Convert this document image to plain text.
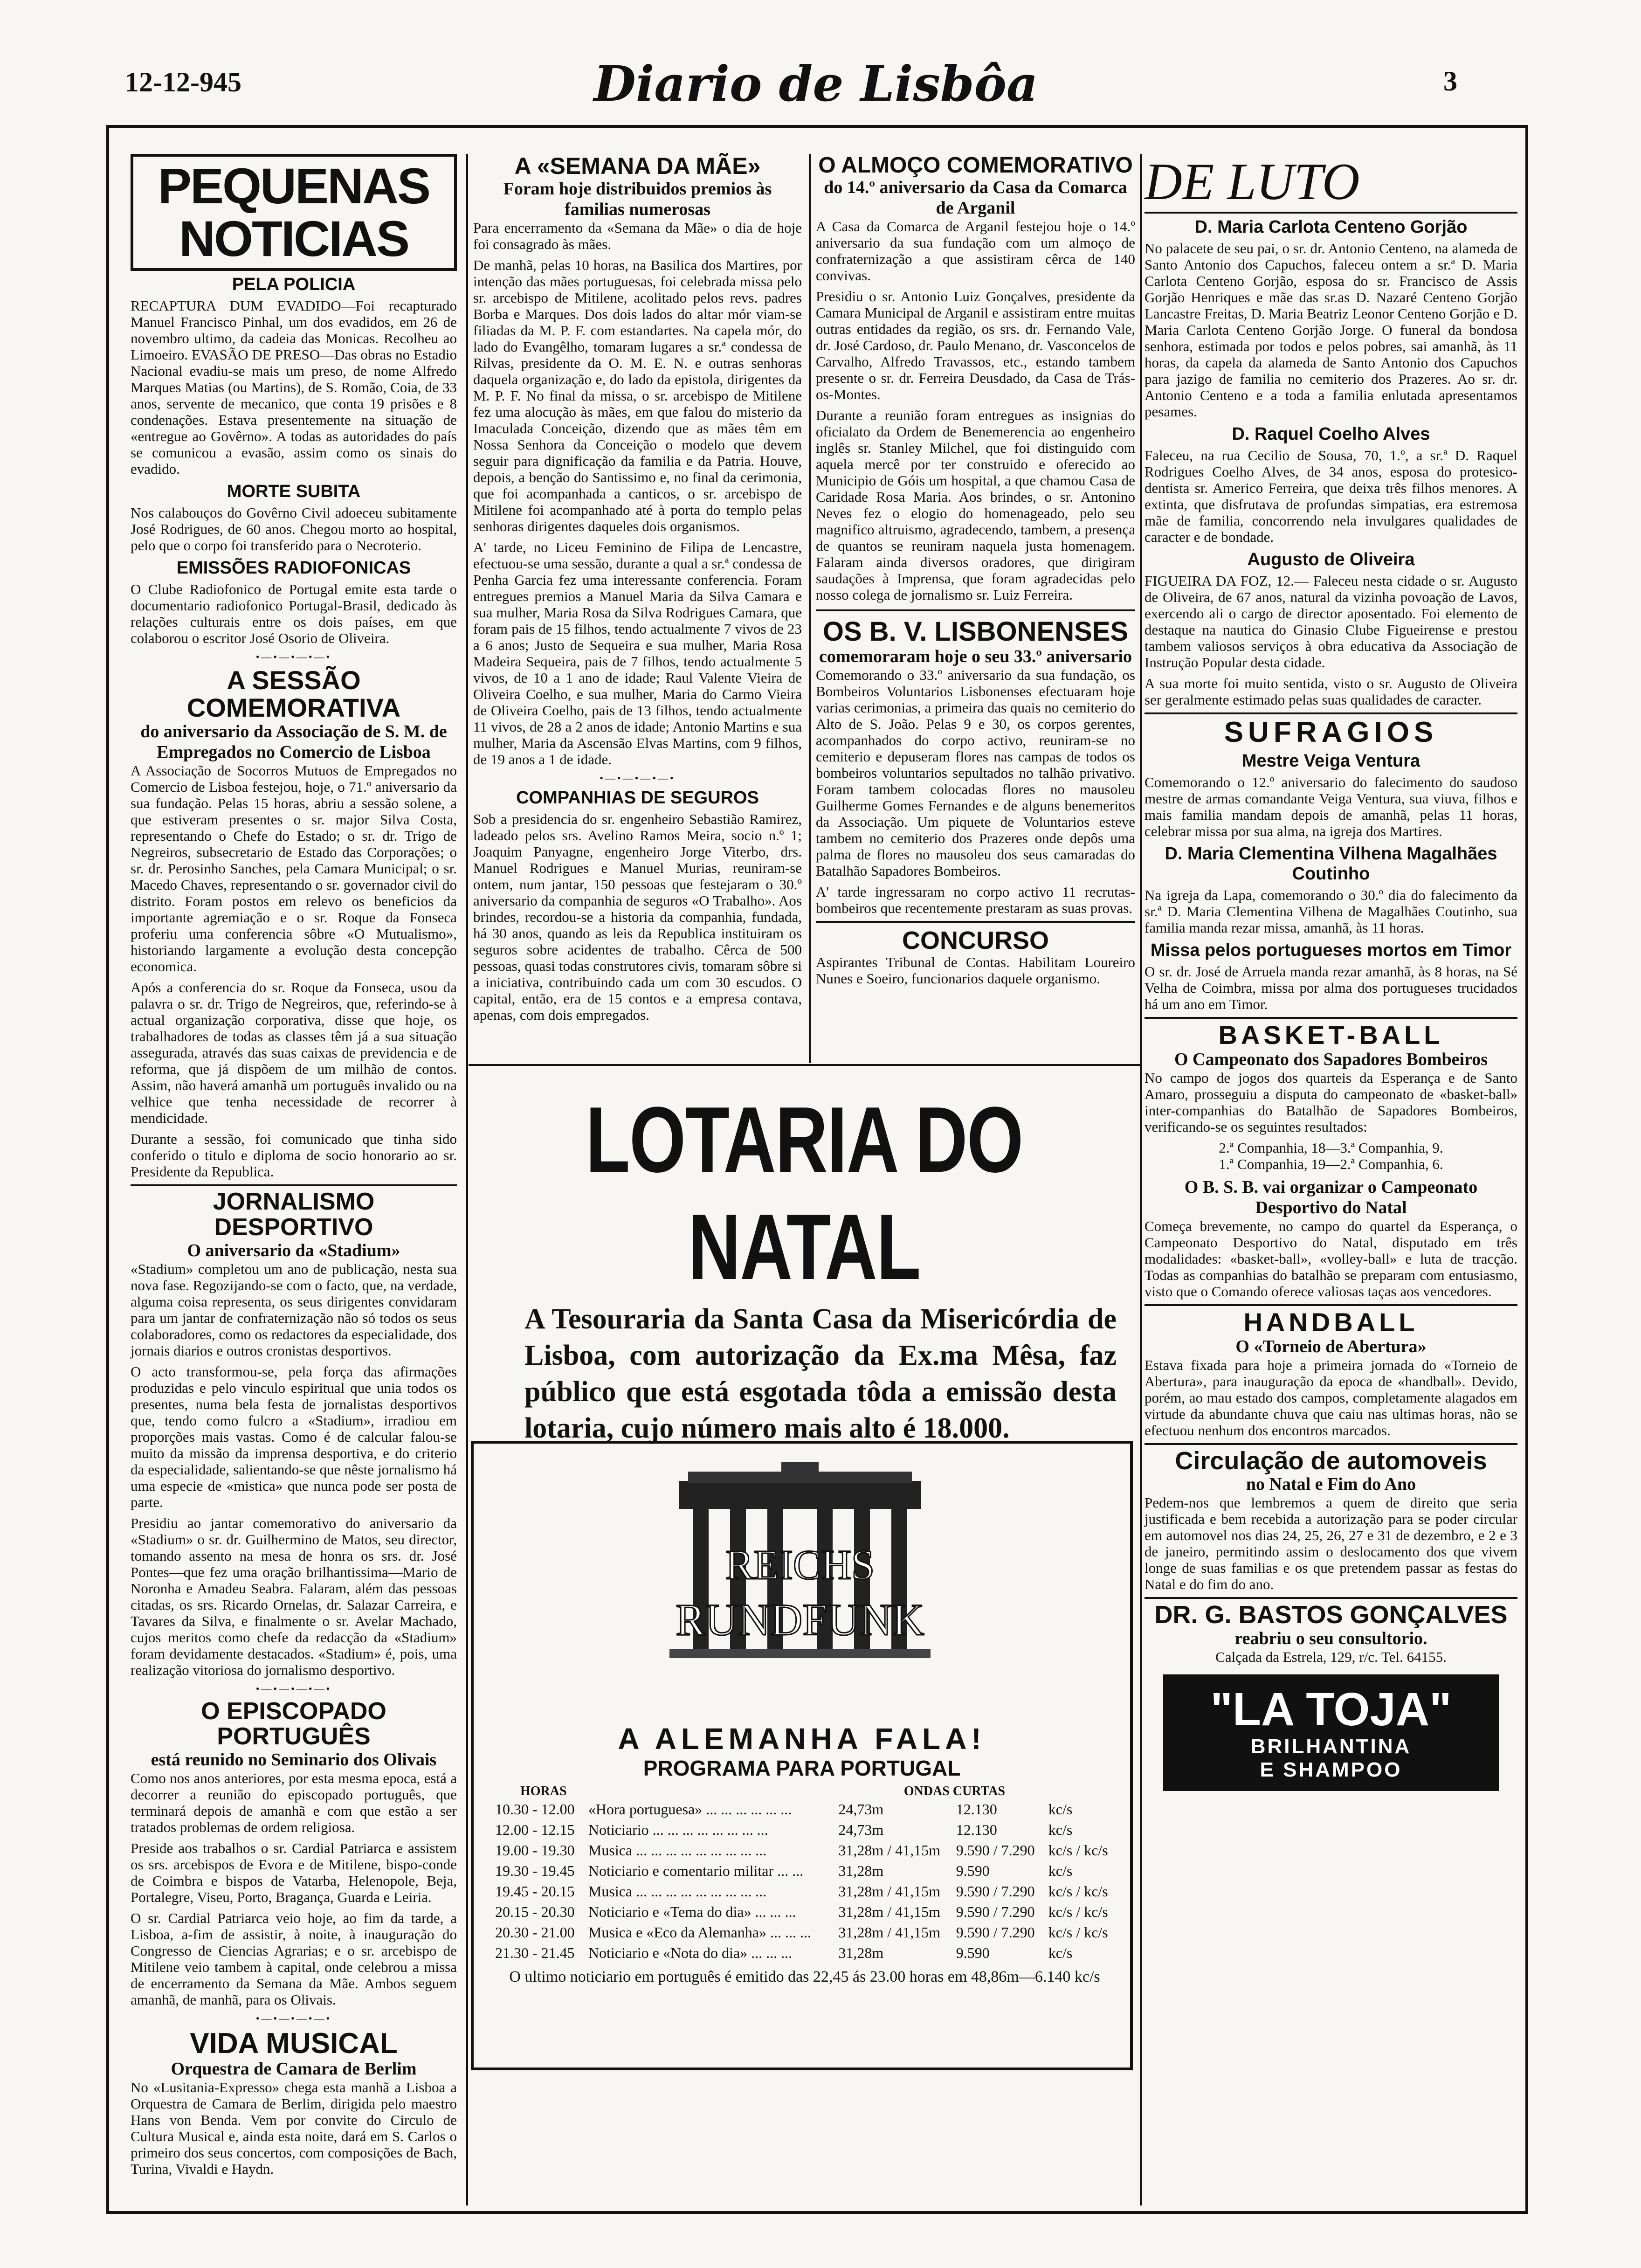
12-12-945	Diario de Lisbôa	3
PEQUENAS NOTICIAS
PELA POLICIA

RECAPTURA DUM EVADIDO—Foi recapturado Manuel Francisco Pinhal, um dos evadidos, em 26 de novembro ultimo, da cadeia das Monicas. Recolheu ao Limoeiro. EVASÃO DE PRESO—Das obras no Estadio Nacional evadiu-se mais um preso, de nome Alfredo Marques Matias (ou Martins), de S. Romão, Coia, de 33 anos, servente de mecanico, que conta 19 prisões e 8 condenações. Estava presentemente na situação de «entregue ao Govêrno». A todas as autoridades do país se comunicou a evasão, assim como os sinais do evadido.

MORTE SUBITA

Nos calabouços do Govêrno Civil adoeceu subitamente José Rodrigues, de 60 anos. Chegou morto ao hospital, pelo que o corpo foi transferido para o Necroterio.

EMISSÕES RADIOFONICAS

O Clube Radiofonico de Portugal emite esta tarde o documentario radiofonico Portugal-Brasil, dedicado às relações culturais entre os dois países, em que colaborou o escritor José Osorio de Oliveira.

•—•—•—•—•
A SESSÃO COMEMORATIVA
do aniversario da Associação de S. M. de Empregados no Comercio de Lisboa

A Associação de Socorros Mutuos de Empregados no Comercio de Lisboa festejou, hoje, o 71.º aniversario da sua fundação. Pelas 15 horas, abriu a sessão solene, a que estiveram presentes o sr. major Silva Costa, representando o Chefe do Estado; o sr. dr. Trigo de Negreiros, subsecretario de Estado das Corporações; o sr. dr. Perosinho Sanches, pela Camara Municipal; o sr. Macedo Chaves, representando o sr. governador civil do distrito. Foram postos em relevo os beneficios da importante agremiação e o sr. Roque da Fonseca proferiu uma conferencia sôbre «O Mutualismo», historiando largamente a evolução desta concepção economica.

Após a conferencia do sr. Roque da Fonseca, usou da palavra o sr. dr. Trigo de Negreiros, que, referindo-se à actual organização corporativa, disse que hoje, os trabalhadores de todas as classes têm já a sua situação assegurada, através das suas caixas de previdencia e de reforma, que já dispõem de um milhão de contos. Assim, não haverá amanhã um português invalido ou na velhice que tenha necessidade de recorrer à mendicidade.

Durante a sessão, foi comunicado que tinha sido conferido o titulo e diploma de socio honorario ao sr. Presidente da Republica.

JORNALISMO DESPORTIVO
O aniversario da «Stadium»

«Stadium» completou um ano de publicação, nesta sua nova fase. Regozijando-se com o facto, que, na verdade, alguma coisa representa, os seus dirigentes convidaram para um jantar de confraternização não só todos os seus colaboradores, como os redactores da especialidade, dos jornais diarios e outros cronistas desportivos.

O acto transformou-se, pela força das afirmações produzidas e pelo vinculo espiritual que unia todos os presentes, numa bela festa de jornalistas desportivos que, tendo como fulcro a «Stadium», irradiou em proporções mais vastas. Como é de calcular falou-se muito da missão da imprensa desportiva, e do criterio da especialidade, salientando-se que nêste jornalismo há uma especie de «mistica» que nunca pode ser posta de parte.

Presidiu ao jantar comemorativo do aniversario da «Stadium» o sr. dr. Guilhermino de Matos, seu director, tomando assento na mesa de honra os srs. dr. José Pontes—que fez uma oração brilhantissima—Mario de Noronha e Amadeu Seabra. Falaram, além das pessoas citadas, os srs. Ricardo Ornelas, dr. Salazar Carreira, e Tavares da Silva, e finalmente o sr. Avelar Machado, cujos meritos como chefe da redacção da «Stadium» foram devidamente destacados. «Stadium» é, pois, uma realização vitoriosa do jornalismo desportivo.

•—•—•—•—•
O EPISCOPADO PORTUGUÊS
está reunido no Seminario dos Olivais

Como nos anos anteriores, por esta mesma epoca, está a decorrer a reunião do episcopado português, que terminará depois de amanhã e com que estão a ser tratados problemas de ordem religiosa.

Preside aos trabalhos o sr. Cardial Patriarca e assistem os srs. arcebispos de Evora e de Mitilene, bispo-conde de Coimbra e bispos de Vatarba, Helenopole, Beja, Portalegre, Viseu, Porto, Bragança, Guarda e Leiria.

O sr. Cardial Patriarca veio hoje, ao fim da tarde, a Lisboa, a-fim de assistir, à noite, à inauguração do Congresso de Ciencias Agrarias; e o sr. arcebispo de Mitilene veio tambem à capital, onde celebrou a missa de encerramento da Semana da Mãe. Ambos seguem amanhã, de manhã, para os Olivais.

•—•—•—•—•
VIDA MUSICAL
Orquestra de Camara de Berlim

No «Lusitania-Expresso» chega esta manhã a Lisboa a Orquestra de Camara de Berlim, dirigida pelo maestro Hans von Benda. Vem por convite do Circulo de Cultura Musical e, ainda esta noite, dará em S. Carlos o primeiro dos seus concertos, com composições de Bach, Turina, Vivaldi e Haydn.

A «SEMANA DA MÃE»
Foram hoje distribuidos premios às familias numerosas

Para encerramento da «Semana da Mãe» o dia de hoje foi consagrado às mães.

De manhã, pelas 10 horas, na Basilica dos Martires, por intenção das mães portuguesas, foi celebrada missa pelo sr. arcebispo de Mitilene, acolitado pelos revs. padres Borba e Marques. Dos dois lados do altar mór viam-se filiadas da M. P. F. com estandartes. Na capela mór, do lado do Evangêlho, tomaram lugares a sr.ª condessa de Rilvas, presidente da O. M. E. N. e outras senhoras daquela organização e, do lado da epistola, dirigentes da M. P. F. No final da missa, o sr. arcebispo de Mitilene fez uma alocução às mães, em que falou do misterio da Imaculada Conceição, dizendo que as mães têm em Nossa Senhora da Conceição o modelo que devem seguir para dignificação da familia e da Patria. Houve, depois, a benção do Santissimo e, no final da cerimonia, que foi acompanhada a canticos, o sr. arcebispo de Mitilene foi acompanhado até à porta do templo pelas senhoras dirigentes daqueles dois organismos.

A' tarde, no Liceu Feminino de Filipa de Lencastre, efectuou-se uma sessão, durante a qual a sr.ª condessa de Penha Garcia fez uma interessante conferencia. Foram entregues premios a Manuel Maria da Silva Camara e sua mulher, Maria Rosa da Silva Rodrigues Camara, que foram pais de 15 filhos, tendo actualmente 7 vivos de 23 a 6 anos; Justo de Sequeira e sua mulher, Maria Rosa Madeira Sequeira, pais de 7 filhos, tendo actualmente 5 vivos, de 10 a 1 ano de idade; Raul Valente Vieira de Oliveira Coelho, e sua mulher, Maria do Carmo Vieira de Oliveira Coelho, pais de 13 filhos, tendo actualmente 11 vivos, de 28 a 2 anos de idade; Antonio Martins e sua mulher, Maria da Ascensão Elvas Martins, com 9 filhos, de 19 anos a 1 de idade.

•—•—•—•—•
COMPANHIAS DE SEGUROS

Sob a presidencia do sr. engenheiro Sebastião Ramirez, ladeado pelos srs. Avelino Ramos Meira, socio n.º 1; Joaquim Panyagne, engenheiro Jorge Viterbo, drs. Manuel Rodrigues e Manuel Murias, reuniram-se ontem, num jantar, 150 pessoas que festejaram o 30.º aniversario da companhia de seguros «O Trabalho». Aos brindes, recordou-se a historia da companhia, fundada, há 30 anos, quando as leis da Republica instituiram os seguros sobre acidentes de trabalho. Cêrca de 500 pessoas, quasi todas construtores civis, tomaram sôbre si a iniciativa, contribuindo cada um com 30 escudos. O capital, então, era de 15 contos e a empresa contava, apenas, com dois empregados.

O ALMOÇO COMEMORATIVO
do 14.º aniversario da Casa da Comarca de Arganil

A Casa da Comarca de Arganil festejou hoje o 14.º aniversario da sua fundação com um almoço de confraternização a que assistiram cêrca de 140 convivas.

Presidiu o sr. Antonio Luiz Gonçalves, presidente da Camara Municipal de Arganil e assistiram entre muitas outras entidades da região, os srs. dr. Fernando Vale, dr. José Cardoso, dr. Paulo Menano, dr. Vasconcelos de Carvalho, Alfredo Travassos, etc., estando tambem presente o sr. dr. Ferreira Deusdado, da Casa de Trás-os-Montes.

Durante a reunião foram entregues as insignias do oficialato da Ordem de Benemerencia ao engenheiro inglês sr. Stanley Milchel, que foi distinguido com aquela mercê por ter construido e oferecido ao Municipio de Góis um hospital, a que chamou Casa de Caridade Rosa Maria. Aos brindes, o sr. Antonino Neves fez o elogio do homenageado, pelo seu magnifico altruismo, agradecendo, tambem, a presença de quantos se reuniram naquela justa homenagem. Falaram ainda diversos oradores, que dirigiram saudações à Imprensa, que foram agradecidas pelo nosso colega de jornalismo sr. Luiz Ferreira.

OS B. V. LISBONENSES
comemoraram hoje o seu 33.º aniversario

Comemorando o 33.º aniversario da sua fundação, os Bombeiros Voluntarios Lisbonenses efectuaram hoje varias cerimonias, a primeira das quais no cemiterio do Alto de S. João. Pelas 9 e 30, os corpos gerentes, acompanhados do corpo activo, reuniram-se no cemiterio e depuseram flores nas campas de todos os bombeiros voluntarios sepultados no talhão privativo. Foram tambem colocadas flores no mausoleu Guilherme Gomes Fernandes e de alguns benemeritos da Associação. Um piquete de Voluntarios esteve tambem no cemiterio dos Prazeres onde depôs uma palma de flores no mausoleu dos seus camaradas do Batalhão Sapadores Bombeiros.

A' tarde ingressaram no corpo activo 11 recrutas-bombeiros que recentemente prestaram as suas provas.

CONCURSO

Aspirantes Tribunal de Contas. Habilitam Loureiro Nunes e Soeiro, funcionarios daquele organismo.

LOTARIA DO NATAL
A Tesouraria da Santa Casa da Misericórdia de Lisboa, com autorização da Ex.ma Mêsa, faz público que está esgotada tôda a emissão desta lotaria, cujo número mais alto é 18.000.
REICHS
RUNDFUNK
A ALEMANHA FALA!
PROGRAMA PARA PORTUGAL
HORAS	ONDAS CURTAS
10.30 - 12.00	«Hora portuguesa» ... ... ... ... ... ...	24,73m	12.130	kc/s
12.00 - 12.15	Noticiario ... ... ... ... ... ... ... ...	24,73m	12.130	kc/s
19.00 - 19.30	Musica ... ... ... ... ... ... ... ... ...	31,28m / 41,15m	9.590 / 7.290	kc/s / kc/s
19.30 - 19.45	Noticiario e comentario militar ... ...	31,28m	9.590	kc/s
19.45 - 20.15	Musica ... ... ... ... ... ... ... ... ...	31,28m / 41,15m	9.590 / 7.290	kc/s / kc/s
20.15 - 20.30	Noticiario e «Tema do dia» ... ... ...	31,28m / 41,15m	9.590 / 7.290	kc/s / kc/s
20.30 - 21.00	Musica e «Eco da Alemanha» ... ... ...	31,28m / 41,15m	9.590 / 7.290	kc/s / kc/s
21.30 - 21.45	Noticiario e «Nota do dia» ... ... ...	31,28m	9.590	kc/s

O ultimo noticiario em português é emitido das 22,45 ás 23.00 horas em 48,86m—6.140 kc/s

DE LUTO
D. Maria Carlota Centeno Gorjão

No palacete de seu pai, o sr. dr. Antonio Centeno, na alameda de Santo Antonio dos Capuchos, faleceu ontem a sr.ª D. Maria Carlota Centeno Gorjão, esposa do sr. Francisco de Assis Gorjão Henriques e mãe das sr.as D. Nazaré Centeno Gorjão Lancastre Freitas, D. Maria Beatriz Leonor Centeno Gorjão e D. Maria Carlota Centeno Gorjão Jorge. O funeral da bondosa senhora, estimada por todos e pelos pobres, sai amanhã, às 11 horas, da capela da alameda de Santo Antonio dos Capuchos para jazigo de familia no cemiterio dos Prazeres. Ao sr. dr. Antonio Centeno e a toda a familia enlutada apresentamos pesames.

D. Raquel Coelho Alves

Faleceu, na rua Cecilio de Sousa, 70, 1.º, a sr.ª D. Raquel Rodrigues Coelho Alves, de 34 anos, esposa do protesico-dentista sr. Americo Ferreira, que deixa três filhos menores. A extinta, que disfrutava de profundas simpatias, era estremosa mãe de familia, concorrendo nela invulgares qualidades de caracter e de bondade.

Augusto de Oliveira

FIGUEIRA DA FOZ, 12.— Faleceu nesta cidade o sr. Augusto de Oliveira, de 67 anos, natural da vizinha povoação de Lavos, exercendo ali o cargo de director aposentado. Foi elemento de destaque na nautica do Ginasio Clube Figueirense e prestou tambem valiosos serviços à obra educativa da Associação de Instrução Popular desta cidade.

A sua morte foi muito sentida, visto o sr. Augusto de Oliveira ser geralmente estimado pelas suas qualidades de caracter.

SUFRAGIOS
Mestre Veiga Ventura

Comemorando o 12.º aniversario do falecimento do saudoso mestre de armas comandante Veiga Ventura, sua viuva, filhos e mais familia mandam depois de amanhã, pelas 11 horas, celebrar missa por sua alma, na igreja dos Martires.

D. Maria Clementina Vilhena Magalhães Coutinho

Na igreja da Lapa, comemorando o 30.º dia do falecimento da sr.ª D. Maria Clementina Vilhena de Magalhães Coutinho, sua familia manda rezar missa, amanhã, às 11 horas.

Missa pelos portugueses mortos em Timor

O sr. dr. José de Arruela manda rezar amanhã, às 8 horas, na Sé Velha de Coimbra, missa por alma dos portugueses trucidados há um ano em Timor.

BASKET-BALL
O Campeonato dos Sapadores Bombeiros

No campo de jogos dos quarteis da Esperança e de Santo Amaro, prosseguiu a disputa do campeonato de «basket-ball» inter-companhias do Batalhão de Sapadores Bombeiros, verificando-se os seguintes resultados:

2.ª Companhia, 18—3.ª Companhia, 9.

1.ª Companhia, 19—2.ª Companhia, 6.

O B. S. B. vai organizar o Campeonato Desportivo do Natal

Começa brevemente, no campo do quartel da Esperança, o Campeonato Desportivo do Natal, disputado em três modalidades: «basket-ball», «volley-ball» e luta de tracção. Todas as companhias do batalhão se preparam com entusiasmo, visto que o Comando oferece valiosas taças aos vencedores.

HANDBALL
O «Torneio de Abertura»

Estava fixada para hoje a primeira jornada do «Torneio de Abertura», para inauguração da epoca de «handball». Devido, porém, ao mau estado dos campos, completamente alagados em virtude da abundante chuva que caiu nas ultimas horas, não se efectuou nenhum dos encontros marcados.

Circulação de automoveis
no Natal e Fim do Ano

Pedem-nos que lembremos a quem de direito que seria justificada e bem recebida a autorização para se poder circular em automovel nos dias 24, 25, 26, 27 e 31 de dezembro, e 2 e 3 de janeiro, permitindo assim o deslocamento dos que vivem longe de suas familias e os que pretendem passar as festas do Natal e do fim do ano.

DR. G. BASTOS GONÇALVES
reabriu o seu consultorio.

Calçada da Estrela, 129, r/c. Tel. 64155.

"LA TOJA"
BRILHANTINA
E SHAMPOO
